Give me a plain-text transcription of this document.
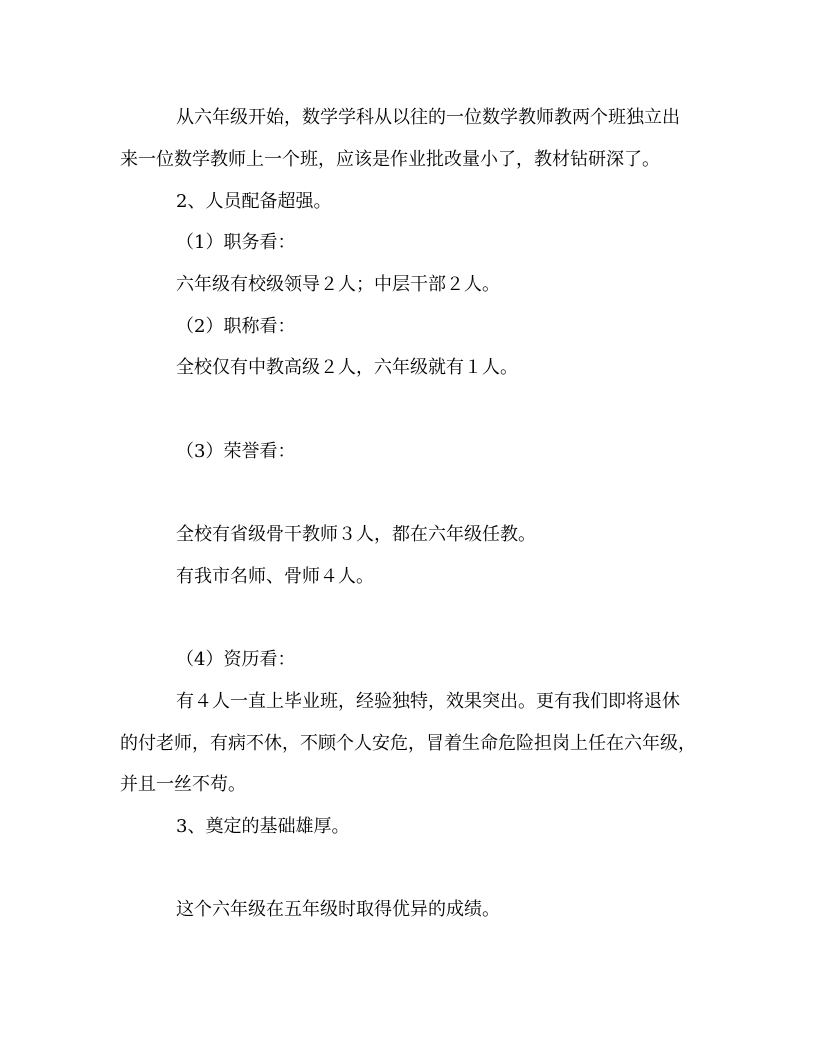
从六年级开始，数学学科从以往的一位数学教师教两个班独立出

来一位数学教师上一个班，应该是作业批改量小了，教材钻研深了。

2、人员配备超强。

（1）职务看：

六年级有校级领导２人；中层干部２人。

（2）职称看：

全校仅有中教高级２人，六年级就有１人。

（3）荣誉看：

全校有省级骨干教师３人，都在六年级任教。

有我市名师、骨师４人。

（4）资历看：

有４人一直上毕业班，经验独特，效果突出。更有我们即将退休

的付老师，有病不休，不顾个人安危，冒着生命危险担岗上任在六年级，

并且一丝不苟。

3、奠定的基础雄厚。

这个六年级在五年级时取得优异的成绩。
